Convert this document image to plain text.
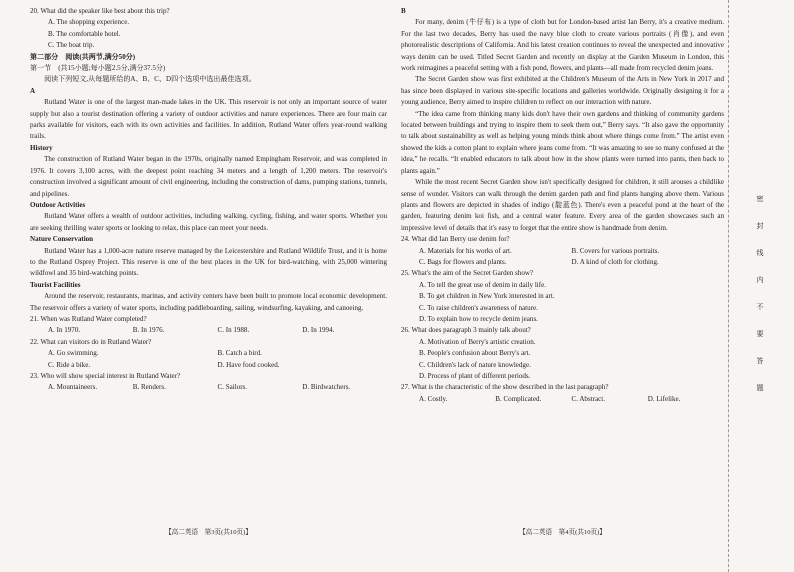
20. What did the speaker like best about this trip?

A. The shopping experience.
B. The comfortable hotel.
C. The boat trip.

第二部分　阅读(共两节,满分50分)

第一节　(共15小题;每小题2.5分,满分37.5分)

阅读下列短文,从每题所给的A、B、C、D四个选项中选出最佳选项。

A

Rutland Water is one of the largest man-made lakes in the UK. This reservoir is not only an important source of water supply but also a tourist destination offering a variety of outdoor activities and nature experiences. There are four main car parks available for visitors, each with its own activities and facilities. In addition, Rutland Water offers year-round walking trails.

History

The construction of Rutland Water began in the 1970s, originally named Empingham Reservoir, and was completed in 1976. It covers 3,100 acres, with the deepest point reaching 34 meters and a length of 1,200 meters. The reservoir's construction involved a significant amount of civil engineering, including the construction of dams, pumping stations, tunnels, and pipelines.

Outdoor Activities

Rutland Water offers a wealth of outdoor activities, including walking, cycling, fishing, and water sports. Whether you are seeking thrilling water sports or looking to relax, this place can meet your needs.

Nature Conservation

Rutland Water has a 1,000-acre nature reserve managed by the Leicestershire and Rutland Wildlife Trust, and it is home to the Rutland Osprey Project. This reserve is one of the best places in the UK for bird-watching, with 25,000 wintering wildfowl and 35 bird-watching points.

Tourist Facilities

Around the reservoir, restaurants, marinas, and activity centers have been built to promote local economic development. The reservoir offers a variety of water sports, including paddleboarding, sailing, windsurfing, kayaking, and canoeing.

21. When was Rutland Water completed?

A. In 1970.	B. In 1976.	C. In 1988.	D. In 1994.

22. What can visitors do in Rutland Water?

A. Go swimming.	B. Catch a bird.
C. Ride a bike.	D. Have food cooked.

23. Who will show special interest in Rutland Water?

A. Mountaineers.	B. Renders.	C. Sailors.	D. Birdwatchers.

B

For many, denim (牛仔布) is a type of cloth but for London-based artist Ian Berry, it's a creative medium. For the last two decades, Berry has used the navy blue cloth to create various portraits (肖像), and even photorealistic descriptions of California. And his latest creation continues to reveal the unexpected and innovative ways denim can be used. Titled Secret Garden and recently on display at the Garden Museum in London, this work reimagines a peaceful setting with a fish pond, flowers, and plants—all made from recycled denim jeans.

The Secret Garden show was first exhibited at the Children's Museum of the Arts in New York in 2017 and has since been displayed in various site-specific locations and galleries worldwide. Originally designing it for a young audience, Berry aimed to inspire children to reflect on our interaction with nature.

“The idea came from thinking many kids don't have their own gardens and thinking of community gardens located between buildings and trying to inspire them to seek them out,” Berry says. “It also gave the opportunity to talk about sustainability as well as helping young minds think about where things come from.” The artist even showed the kids a cotton plant to explain where jeans come from. “It was amazing to see so many confused at the idea,” he recalls. “It enabled educators to talk about how in the show plants were turned into pants, then back to plants again.”

While the most recent Secret Garden show isn't specifically designed for children, it still arouses a childlike sense of wonder. Visitors can walk through the denim garden path and find plants hanging above them. Various plants and flowers are depicted in shades of indigo (靛蓝色). There's even a peaceful pond at the heart of the garden, featuring denim koi fish, and a central water feature. Every area of the garden showcases such an impressive level of details that it's easy to forget that the entire show is handmade from denim.

24. What did Ian Berry use denim for?

A. Materials for his works of art.	B. Covers for various portraits.
C. Bags for flowers and plants.	D. A kind of cloth for clothing.

25. What's the aim of the Secret Garden show?

A. To tell the great use of denim in daily life.
B. To get children in New York interested in art.
C. To raise children's awareness of nature.
D. To explain how to recycle denim jeans.

26. What does paragraph 3 mainly talk about?

A. Motivation of Berry's artistic creation.
B. People's confusion about Berry's art.
C. Children's lack of nature knowledge.
D. Process of plant of different periods.

27. What is the characteristic of the show described in the last paragraph?

A. Costly.	B. Complicated.	C. Abstract.	D. Lifelike.
【高二英语　第3页(共10页)】	【高二英语　第4页(共10页)】
密
封
线
内
不
要
答
题
